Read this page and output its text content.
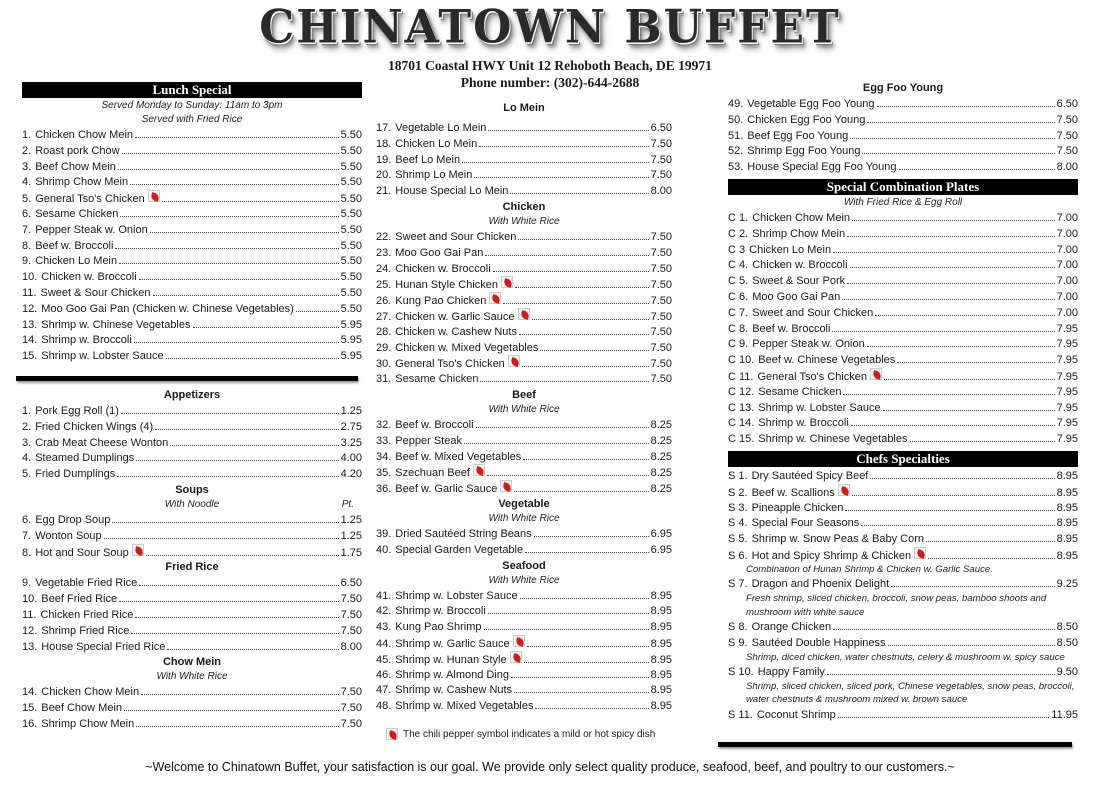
CHINATOWN BUFFET
18701 Coastal HWY Unit 12 Rehoboth Beach, DE 19971
Phone number: (302)-644-2688
Lunch Special
Served Monday to Sunday: 11am to 3pm
Served with Fried Rice
1. Chicken Chow Mein	5.50
2. Roast pork Chow	5.50
3. Beef Chow Mein	5.50
4. Shrimp Chow Mein	5.50
5. General Tso's Chicken	5.50
6. Sesame Chicken	5.50
7. Pepper Steak w. Onion	5.50
8. Beef w. Broccoli	5.50
9. Chicken Lo Mein	5.50
10. Chicken w. Broccoli	5.50
11. Sweet & Sour Chicken	5.50
12. Moo Goo Gai Pan (Chicken w. Chinese Vegetables)	5.50
13. Shrimp w. Chinese Vegetables	5.95
14. Shrimp w. Broccoli	5.95
15. Shrimp w. Lobster Sauce	5.95
Appetizers
1. Pork Egg Roll (1)	1.25
2. Fried Chicken Wings (4)	2.75
3. Crab Meat Cheese Wonton	3.25
4. Steamed Dumplings	4.00
5. Fried Dumplings	4.20
Soups
With Noodle	Pt.
6. Egg Drop Soup	1.25
7. Wonton Soup	1.25
8. Hot and Sour Soup	1.75
Fried Rice
9. Vegetable Fried Rice	6.50
10. Beef Fried Rice	7.50
11. Chicken Fried Rice	7.50
12. Shrimp Fried Rice	7.50
13. House Special Fried Rice	8.00
Chow Mein
With White Rice
14. Chicken Chow Mein	7.50
15. Beef Chow Mein	7.50
16. Shrimp Chow Mein	7.50
Lo Mein
17. Vegetable Lo Mein	6.50
18. Chicken Lo Mein	7.50
19. Beef Lo Mein	7.50
20. Shrimp Lo Mein	7.50
21. House Special Lo Mein	8.00
Chicken
With White Rice
22. Sweet and Sour Chicken	7.50
23. Moo Goo Gai Pan	7.50
24. Chicken w. Broccoli	7.50
25. Hunan Style Chicken	7.50
26. Kung Pao Chicken	7.50
27. Chicken w. Garlic Sauce	7.50
28. Chicken w. Cashew Nuts	7.50
29. Chicken w. Mixed Vegetables	7.50
30. General Tso's Chicken	7.50
31. Sesame Chicken	7.50
Beef
With White Rice
32. Beef w. Broccoli	8.25
33. Pepper Steak	8.25
34. Beef w. Mixed Vegetables	8.25
35. Szechuan Beef	8.25
36. Beef w. Garlic Sauce	8.25
Vegetable
With White Rice
39. Dried Sautéed String Beans	6.95
40. Special Garden Vegetable	6.95
Seafood
With White Rice
41. Shrimp w. Lobster Sauce	8.95
42. Shrimp w. Broccoli	8.95
43. Kung Pao Shrimp	8.95
44. Shrimp w. Garlic Sauce	8.95
45. Shrimp w. Hunan Style	8.95
46. Shrimp w. Almond Ding	8.95
47. Shrimp w. Cashew Nuts	8.95
48. Shrimp w. Mixed Vegetables	8.95
The chili pepper symbol indicates a mild or hot spicy dish
Egg Foo Young
49. Vegetable Egg Foo Young	6.50
50. Chicken Egg Foo Young	7.50
51. Beef Egg Foo Young	7.50
52. Shrimp Egg Foo Young	7.50
53. House Special Egg Foo Young	8.00
Special Combination Plates
With Fried Rice & Egg Roll
C 1. Chicken Chow Mein	7.00
C 2. Shrimp Chow Mein	7.00
C 3 Chicken Lo Mein	7.00
C 4. Chicken w. Broccoli	7.00
C 5. Sweet & Sour Pork	7.00
C 6. Moo Goo Gai Pan	7.00
C 7. Sweet and Sour Chicken	7.00
C 8. Beef w. Broccoli	7.95
C 9. Pepper Steak w. Onion	7.95
C 10. Beef w. Chinese Vegetables	7.95
C 11. General Tso's Chicken	7.95
C 12. Sesame Chicken	7.95
C 13. Shrimp w. Lobster Sauce	7.95
C 14. Shrimp w. Broccoli	7.95
C 15. Shrimp w. Chinese Vegetables	7.95
Chefs Specialties
S 1. Dry Sautéed Spicy Beef	8.95
S 2. Beef w. Scallions	8.95
S 3. Pineapple Chicken	8.95
S 4. Special Four Seasons	8.95
S 5. Shrimp w. Snow Peas & Baby Corn	8.95
S 6. Hot and Spicy Shrimp & Chicken	8.95
Combination of Hunan Shrimp & Chicken w. Garlic Sauce.
S 7. Dragon and Phoenix Delight	9.25
Fresh shrimp, sliced chicken, broccoli, snow peas, bamboo shoots and mushroom with white sauce
S 8. Orange Chicken	8.50
S 9. Sautéed Double Happiness	8.50
Shrimp, diced chicken, water chestnuts, celery & mushroom w. spicy sauce
S 10. Happy Family	9.50
Shrimp, sliced chicken, sliced pork, Chinese vegetables, snow peas, broccoli, water chestnuts & mushroom mixed w. brown sauce
S 11. Coconut Shrimp	11.95
~Welcome to Chinatown Buffet, your satisfaction is our goal. We provide only select quality produce, seafood, beef, and poultry to our customers.~
